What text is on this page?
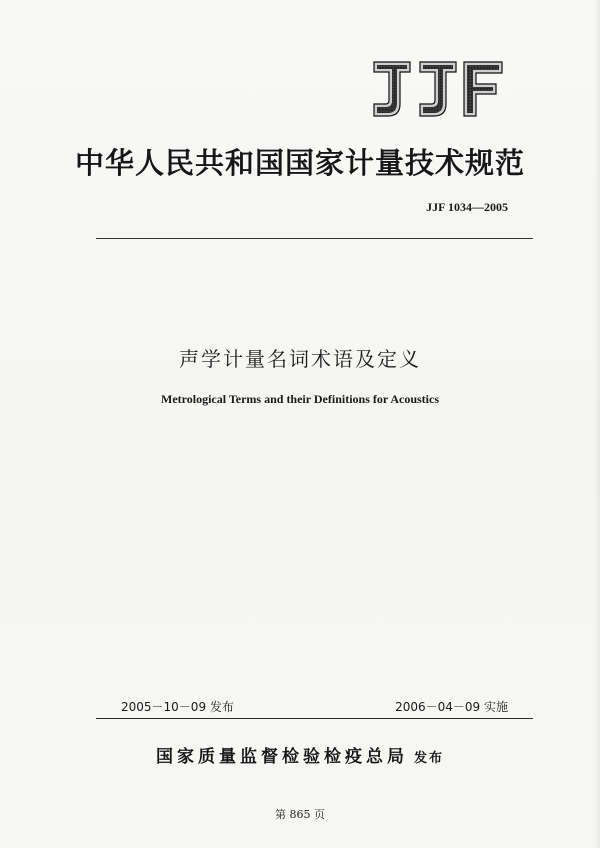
JJF
中华人民共和国国家计量技术规范
JJF 1034—2005
声学计量名词术语及定义
Metrological Terms and their Definitions for Acoustics
2005－10－09 发布	2006－04－09 实施
国家质量监督检验检疫总局 发布
第 865 页
